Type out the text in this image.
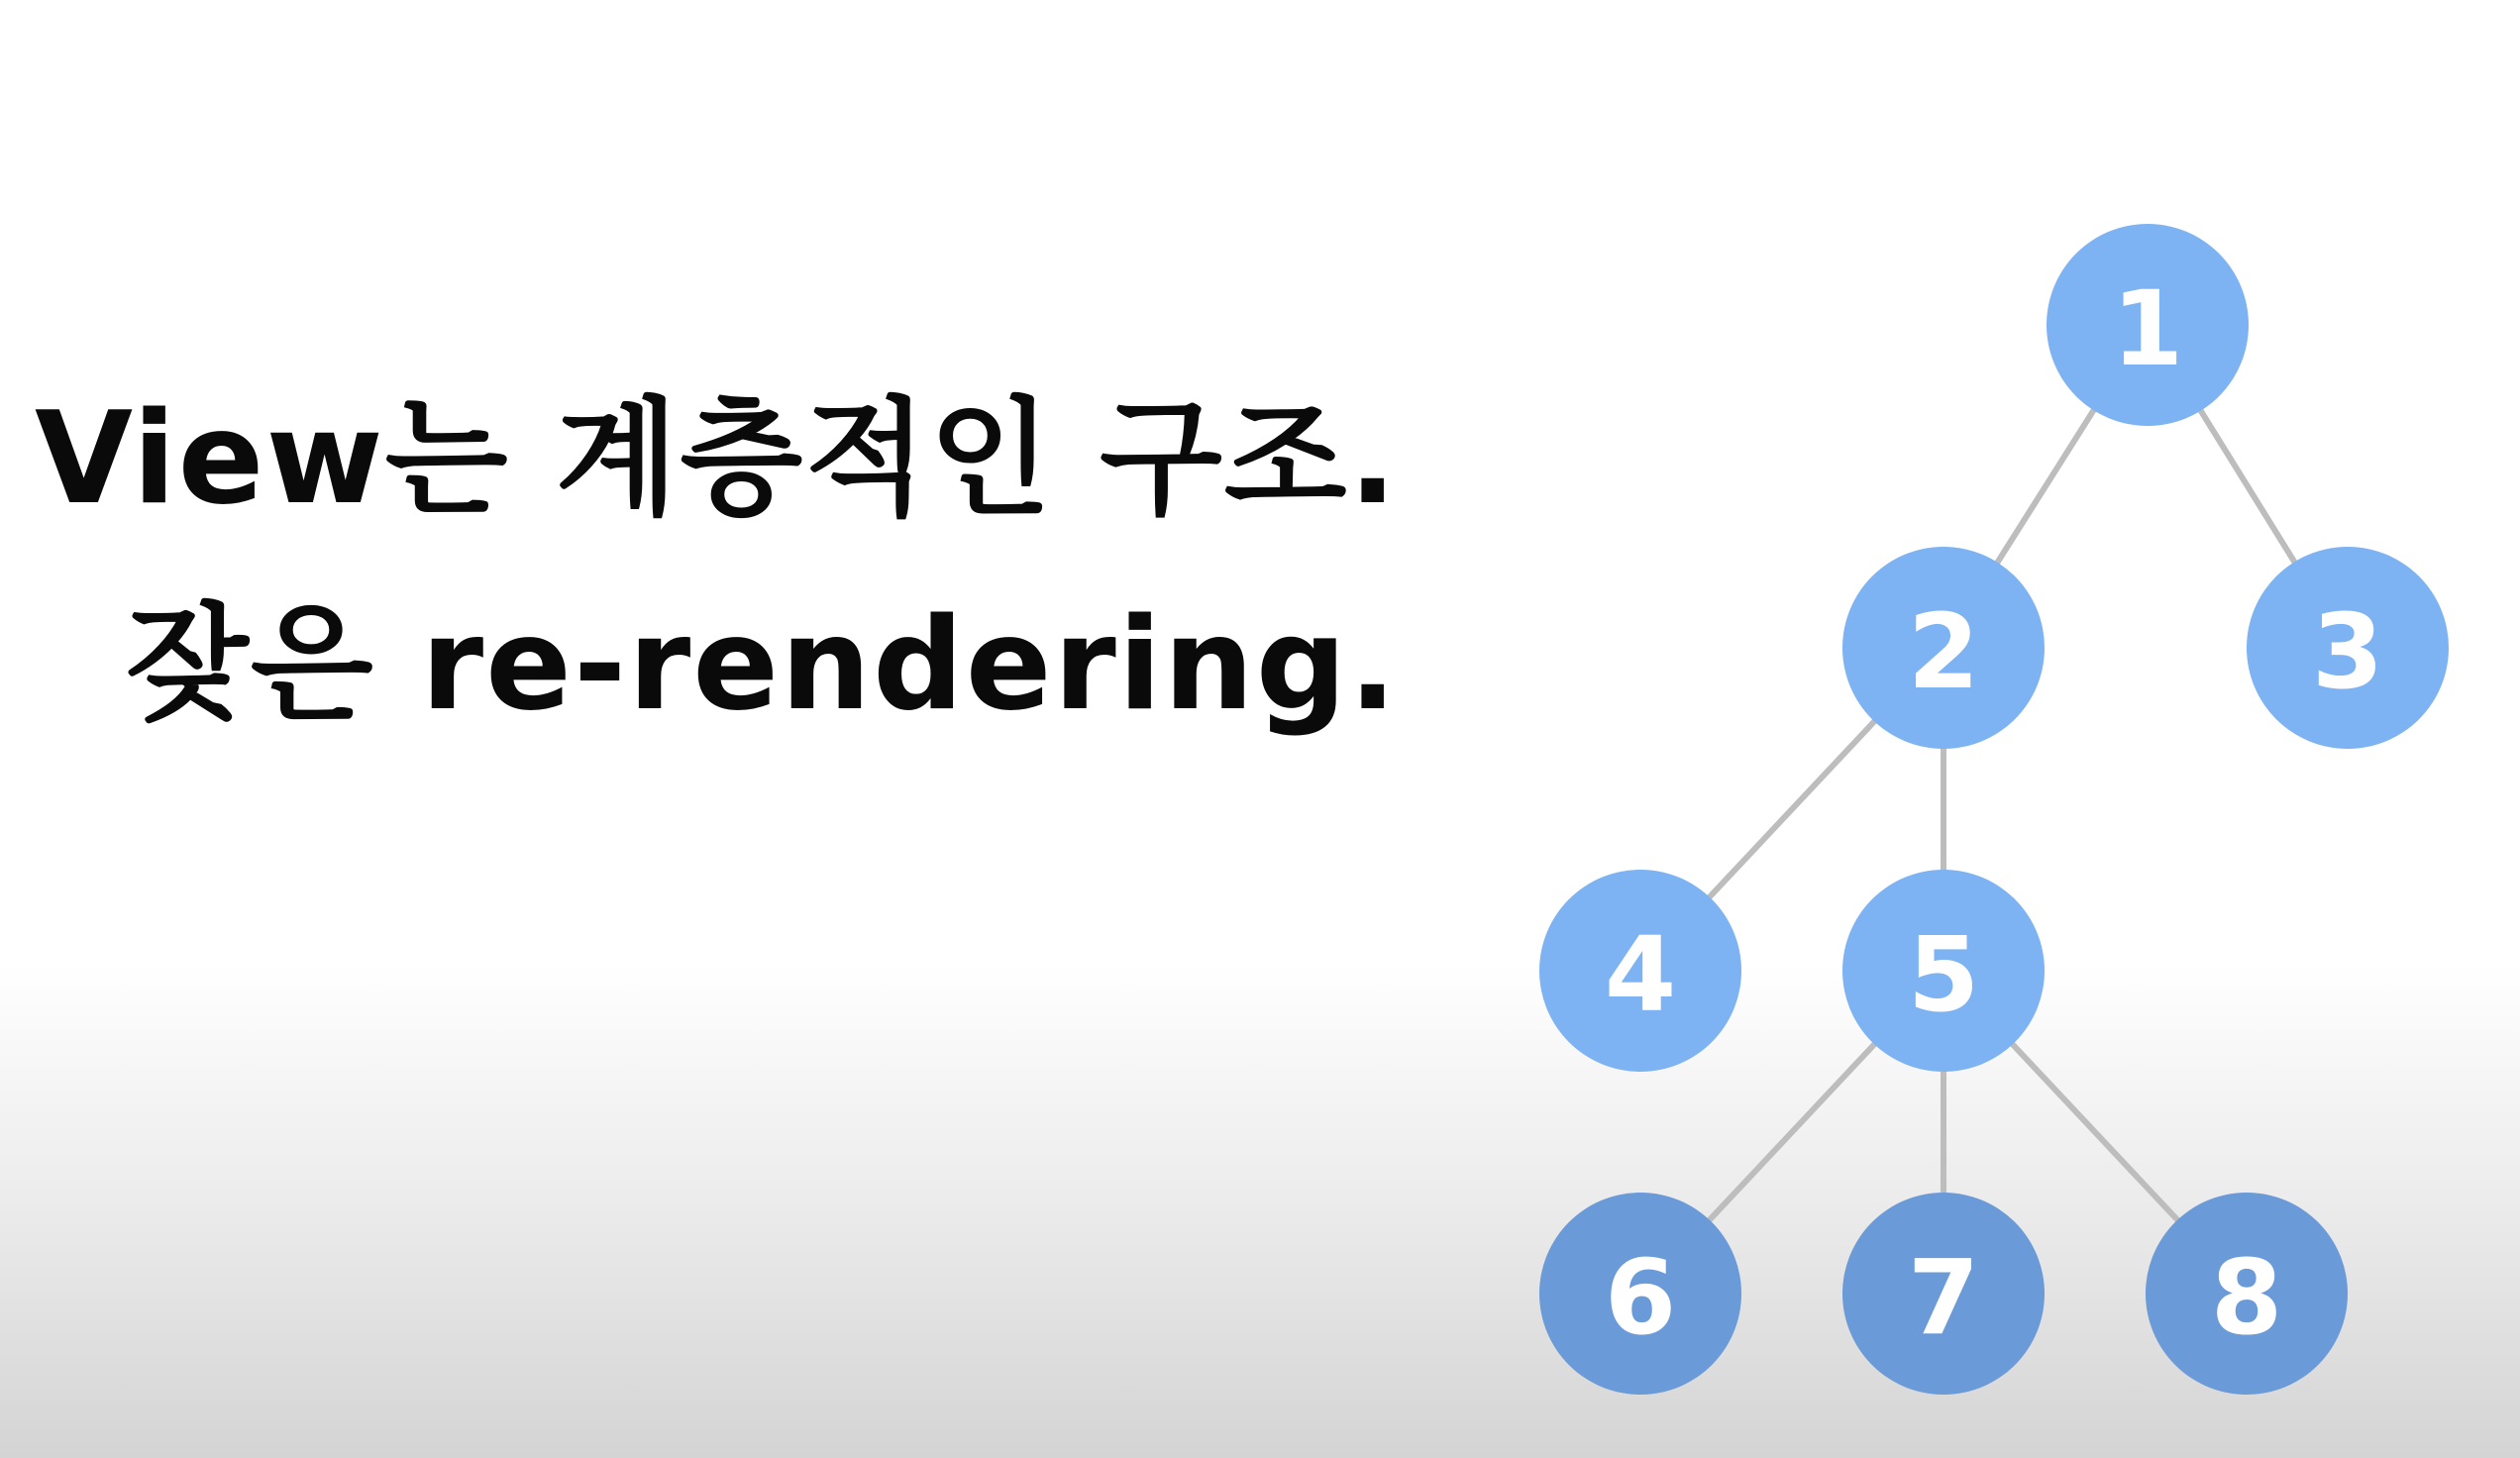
View는 계층적인 구조.
잦은 re-rendering.
1
2	3
4 5
6 7 8
